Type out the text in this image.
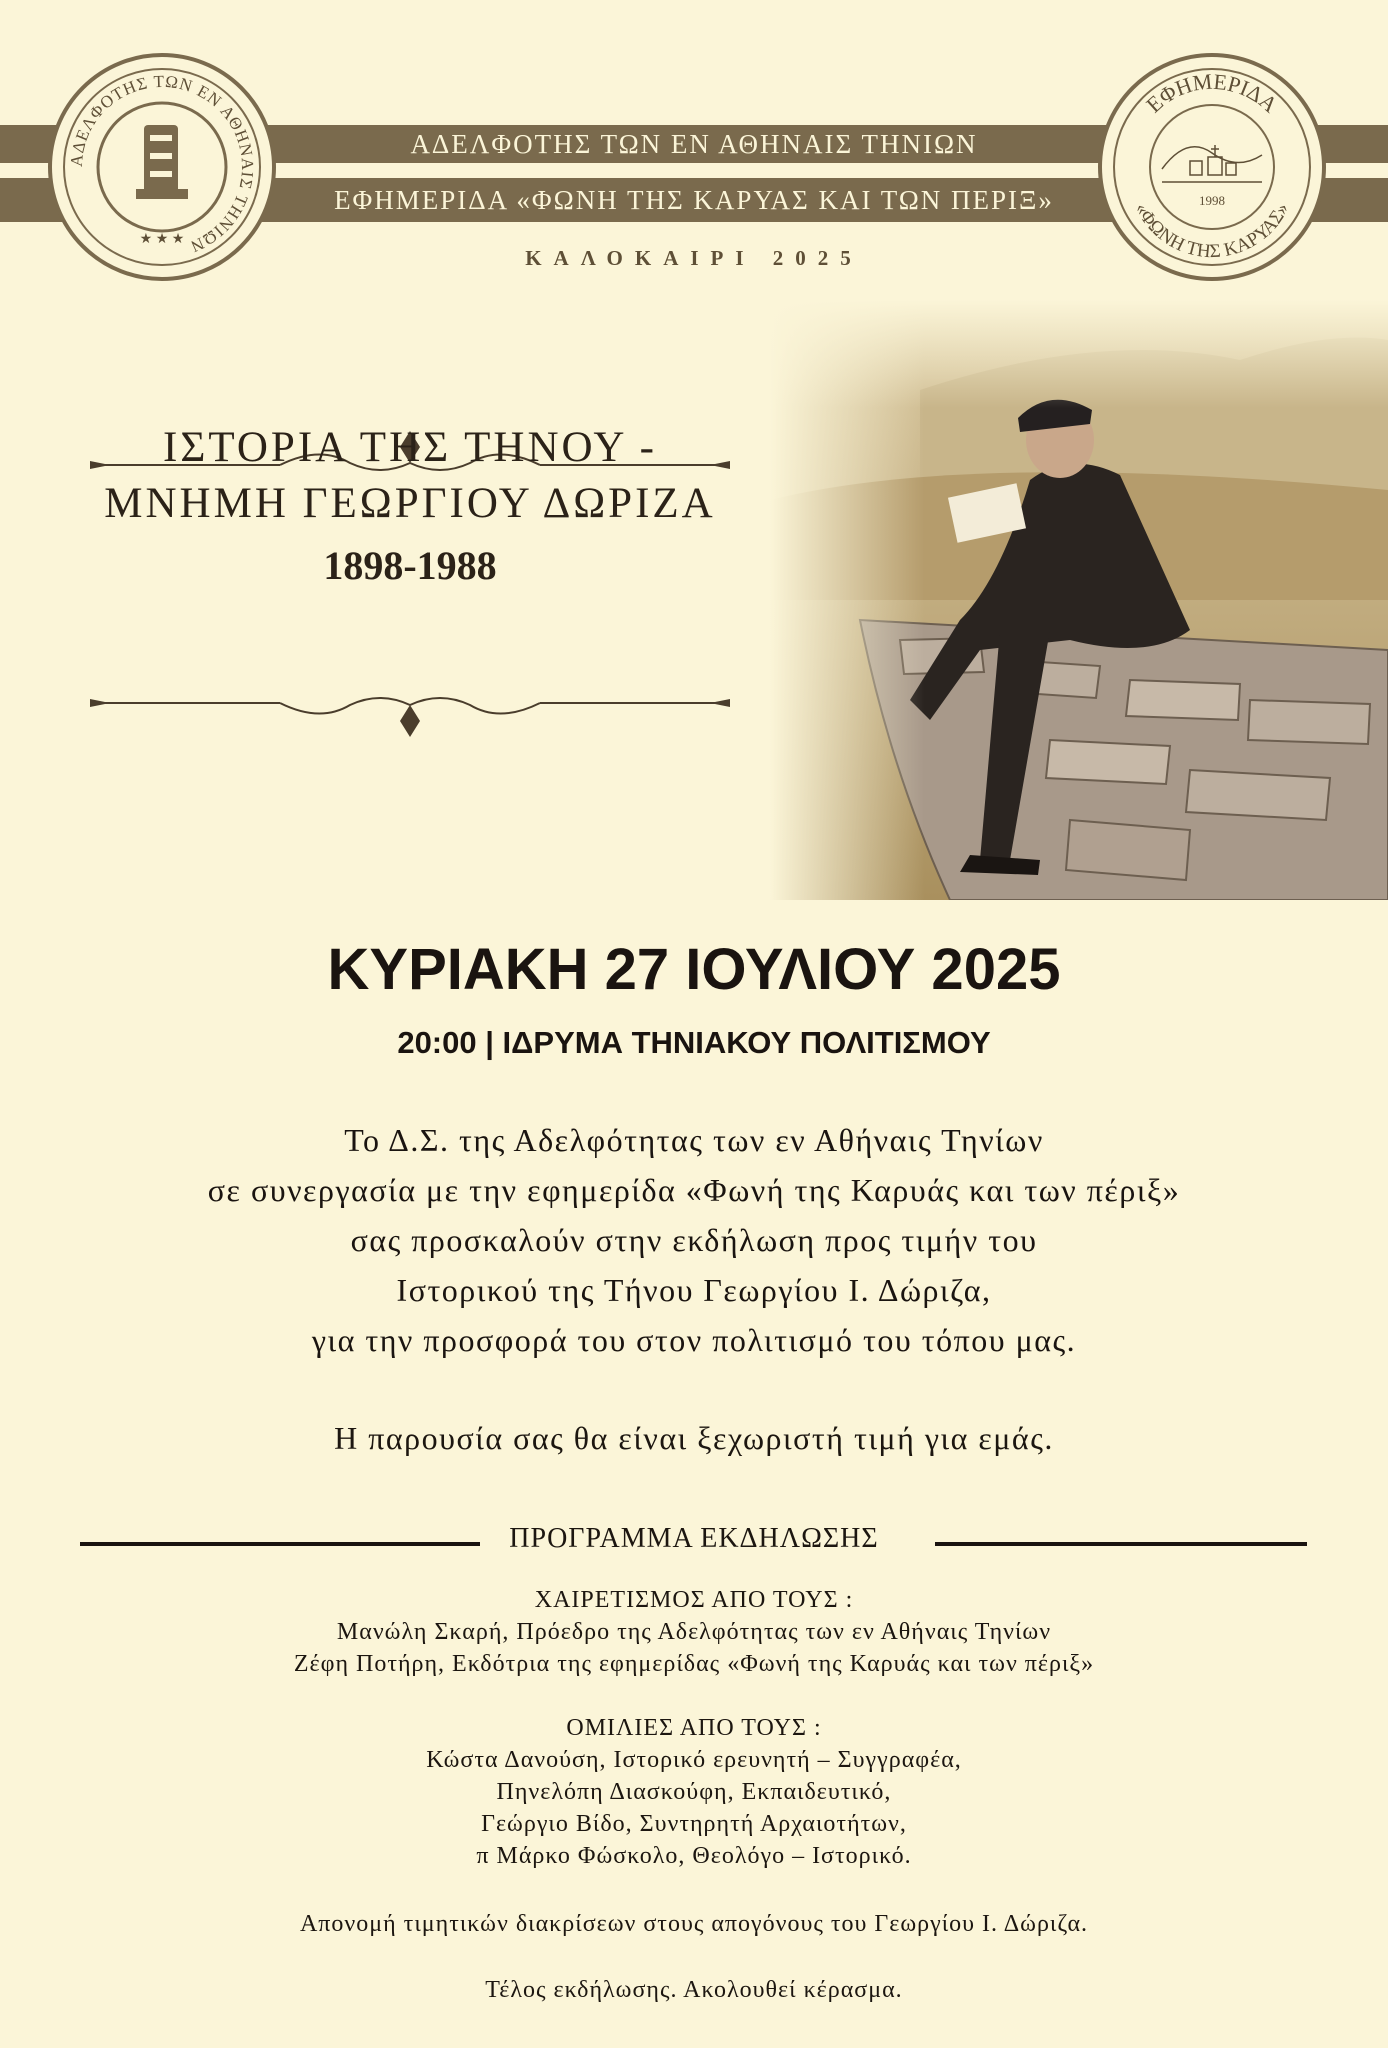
ΑΔΕΛΦΟΤΗΣ ΤΩΝ ΕΝ ΑΘΗΝΑΙΣ ΤΗΝΙΩΝ
ΕΦΗΜΕΡΙΔΑ «ΦΩΝΗ ΤΗΣ ΚΑΡΥΑΣ ΚΑΙ ΤΩΝ ΠΕΡΙΞ»
ΚΑΛΟΚΑΙΡΙ 2025
ΑΔΕΛΦΟΤΗΣ ΤΩΝ ΕΝ ΑΘΗΝΑΙΣ ΤΗΝΙΩΝ
★ ★ ★
ΕΦΗΜΕΡΙΔΑ
«ΦΩΝΗ ΤΗΣ ΚΑΡΥΑΣ»
1998
ΙΣΤΟΡΙΑ ΤΗΣ ΤΗΝΟΥ -
ΜΝΗΜΗ ΓΕΩΡΓΙΟΥ ΔΩΡΙΖΑ
1898-1988
ΚΥΡΙΑΚΗ 27 ΙΟΥΛΙΟΥ 2025
20:00 | ΙΔΡΥΜΑ ΤΗΝΙΑΚΟΥ ΠΟΛΙΤΙΣΜΟΥ
Το Δ.Σ. της Αδελφότητας των εν Αθήναις Τηνίων
σε συνεργασία με την εφημερίδα «Φωνή της Καρυάς και των πέριξ»
σας προσκαλούν στην εκδήλωση προς τιμήν του
Ιστορικού της Τήνου Γεωργίου Ι. Δώριζα,
για την προσφορά του στον πολιτισμό του τόπου μας.
Η παρουσία σας θα είναι ξεχωριστή τιμή για εμάς.
ΠΡΟΓΡΑΜΜΑ ΕΚΔΗΛΩΣΗΣ
ΧΑΙΡΕΤΙΣΜΟΣ ΑΠΟ ΤΟΥΣ :
Μανώλη Σκαρή, Πρόεδρο της Αδελφότητας των εν Αθήναις Τηνίων
Ζέφη Ποτήρη, Εκδότρια της εφημερίδας «Φωνή της Καρυάς και των πέριξ»
ΟΜΙΛΙΕΣ ΑΠΟ ΤΟΥΣ :
Κώστα Δανούση, Ιστορικό ερευνητή – Συγγραφέα,
Πηνελόπη Διασκούφη, Εκπαιδευτικό,
Γεώργιο Βίδο, Συντηρητή Αρχαιοτήτων,
π Μάρκο Φώσκολο, Θεολόγο – Ιστορικό.
Απονομή τιμητικών διακρίσεων στους απογόνους του Γεωργίου Ι. Δώριζα.
Τέλος εκδήλωσης. Ακολουθεί κέρασμα.
